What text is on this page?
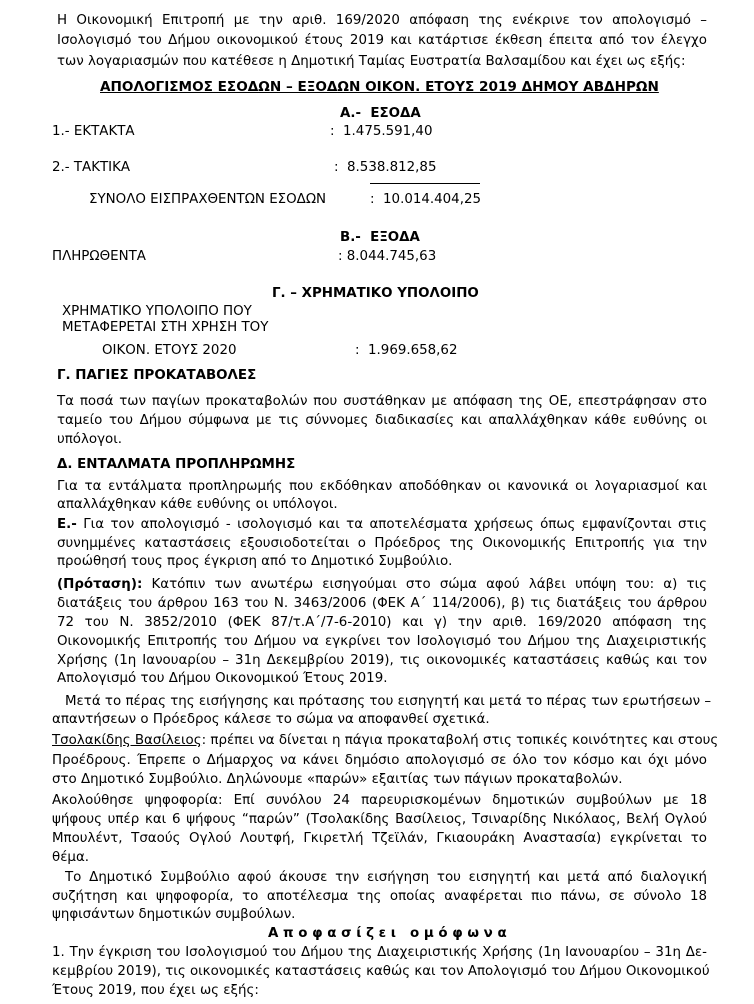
Η Οικονομική Επιτροπή με την αριθ. 169/2020 απόφαση της ενέκρινε τον απολογισμό –
Ισολογισμό του Δήμου οικονομικού έτους 2019 και κατάρτισε έκθεση έπειτα από τον έλεγχο
των λογαριασμών που κατέθεσε η Δημοτική Ταμίας Ευστρατία Βαλσαμίδου και έχει ως εξής:
ΑΠΟΛΟΓΙΣΜΟΣ ΕΣΟΔΩΝ – ΕΞΟΔΩΝ ΟΙΚΟΝ. ΕΤΟΥΣ 2019 ΔΗΜΟΥ ΑΒΔΗΡΩΝ
Α.-  ΕΣΟΔΑ
1.- ΕΚΤΑΚΤΑ	:  1.475.591,40
2.- ΤΑΚΤΙΚΑ	:  8.538.812,85
ΣΥΝΟΛΟ ΕΙΣΠΡΑΧΘΕΝΤΩΝ ΕΣΟΔΩΝ	:  10.014.404,25
Β.-  ΕΞΟΔΑ
ΠΛΗΡΩΘΕΝΤΑ	: 8.044.745,63
Γ. – ΧΡΗΜΑΤΙΚΟ ΥΠΟΛΟΙΠΟ
ΧΡΗΜΑΤΙΚΟ ΥΠΟΛΟΙΠΟ ΠΟΥ
ΜΕΤΑΦΕΡΕΤΑΙ ΣΤΗ ΧΡΗΣΗ ΤΟΥ
ΟΙΚΟΝ. ΕΤΟΥΣ 2020	:  1.969.658,62
Γ. ΠΑΓΙΕΣ ΠΡΟΚΑΤΑΒΟΛΕΣ
Τα ποσά των παγίων προκαταβολών που συστάθηκαν με απόφαση της ΟΕ, επεστράφησαν στο
ταμείο του Δήμου σύμφωνα με τις σύννομες διαδικασίες και απαλλάχθηκαν κάθε ευθύνης οι
υπόλογοι.
Δ. ΕΝΤΑΛΜΑΤΑ ΠΡΟΠΛΗΡΩΜΗΣ
Για τα εντάλματα προπληρωμής που εκδόθηκαν αποδόθηκαν οι κανονικά οι λογαριασμοί και
απαλλάχθηκαν κάθε ευθύνης οι υπόλογοι.
Ε.- Για τον απολογισμό - ισολογισμό και τα αποτελέσματα χρήσεως όπως εμφανίζονται στις
συνημμένες καταστάσεις εξουσιοδοτείται ο Πρόεδρος της Οικονομικής Επιτροπής για την
προώθησή τους προς έγκριση από το Δημοτικό Συμβούλιο.
(Πρόταση): Κατόπιν των ανωτέρω εισηγούμαι στο σώμα αφού λάβει υπόψη του: α) τις
διατάξεις του άρθρου 163 του Ν. 3463/2006 (ΦΕΚ Α΄ 114/2006), β) τις διατάξεις του άρθρου
72 του Ν. 3852/2010 (ΦΕΚ 87/τ.Α΄/7-6-2010) και γ) την αριθ. 169/2020 απόφαση της
Οικονομικής Επιτροπής του Δήμου να εγκρίνει τον Ισολογισμό του Δήμου της Διαχειριστικής
Χρήσης (1η Ιανουαρίου – 31η Δεκεμβρίου 2019), τις οικονομικές καταστάσεις καθώς και τον
Απολογισμό του Δήμου Οικονομικού Έτους 2019.
Μετά το πέρας της εισήγησης και πρότασης του εισηγητή και μετά το πέρας των ερωτήσεων –
απαντήσεων ο Πρόεδρος κάλεσε το σώμα να αποφανθεί σχετικά.
Τσολακίδης Βασίλειος: πρέπει να δίνεται η πάγια προκαταβολή στις τοπικές κοινότητες και στους
Προέδρους. Έπρεπε ο Δήμαρχος να κάνει δημόσιο απολογισμό σε όλο τον κόσμο και όχι μόνο
στο Δημοτικό Συμβούλιο. Δηλώνουμε «παρών» εξαιτίας των πάγιων προκαταβολών.
Ακολούθησε ψηφοφορία: Επί συνόλου 24 παρευρισκομένων δημοτικών συμβούλων με 18
ψήφους υπέρ και 6 ψήφους “παρών” (Τσολακίδης Βασίλειος, Τσιναρίδης Νικόλαος, Βελή Ογλού
Μπουλέντ, Τσαούς Ογλού Λουτφή, Γκιρετλή Τζεϊλάν, Γκιαουράκη Αναστασία) εγκρίνεται το
θέμα.
Το Δημοτικό Συμβούλιο αφού άκουσε την εισήγηση του εισηγητή και μετά από διαλογική
συζήτηση και ψηφοφορία, το αποτέλεσμα της οποίας αναφέρεται πιο πάνω, σε σύνολο 18
ψηφισάντων δημοτικών συμβούλων.
Α π ο φ α σ ί ζ ε ι   ο μ ό φ ω ν α
1. Την έγκριση του Ισολογισμού του Δήμου της Διαχειριστικής Χρήσης (1η Ιανουαρίου – 31η Δε-
κεμβρίου 2019), τις οικονομικές καταστάσεις καθώς και τον Απολογισμό του Δήμου Οικονομικού
Έτους 2019, που έχει ως εξής:
